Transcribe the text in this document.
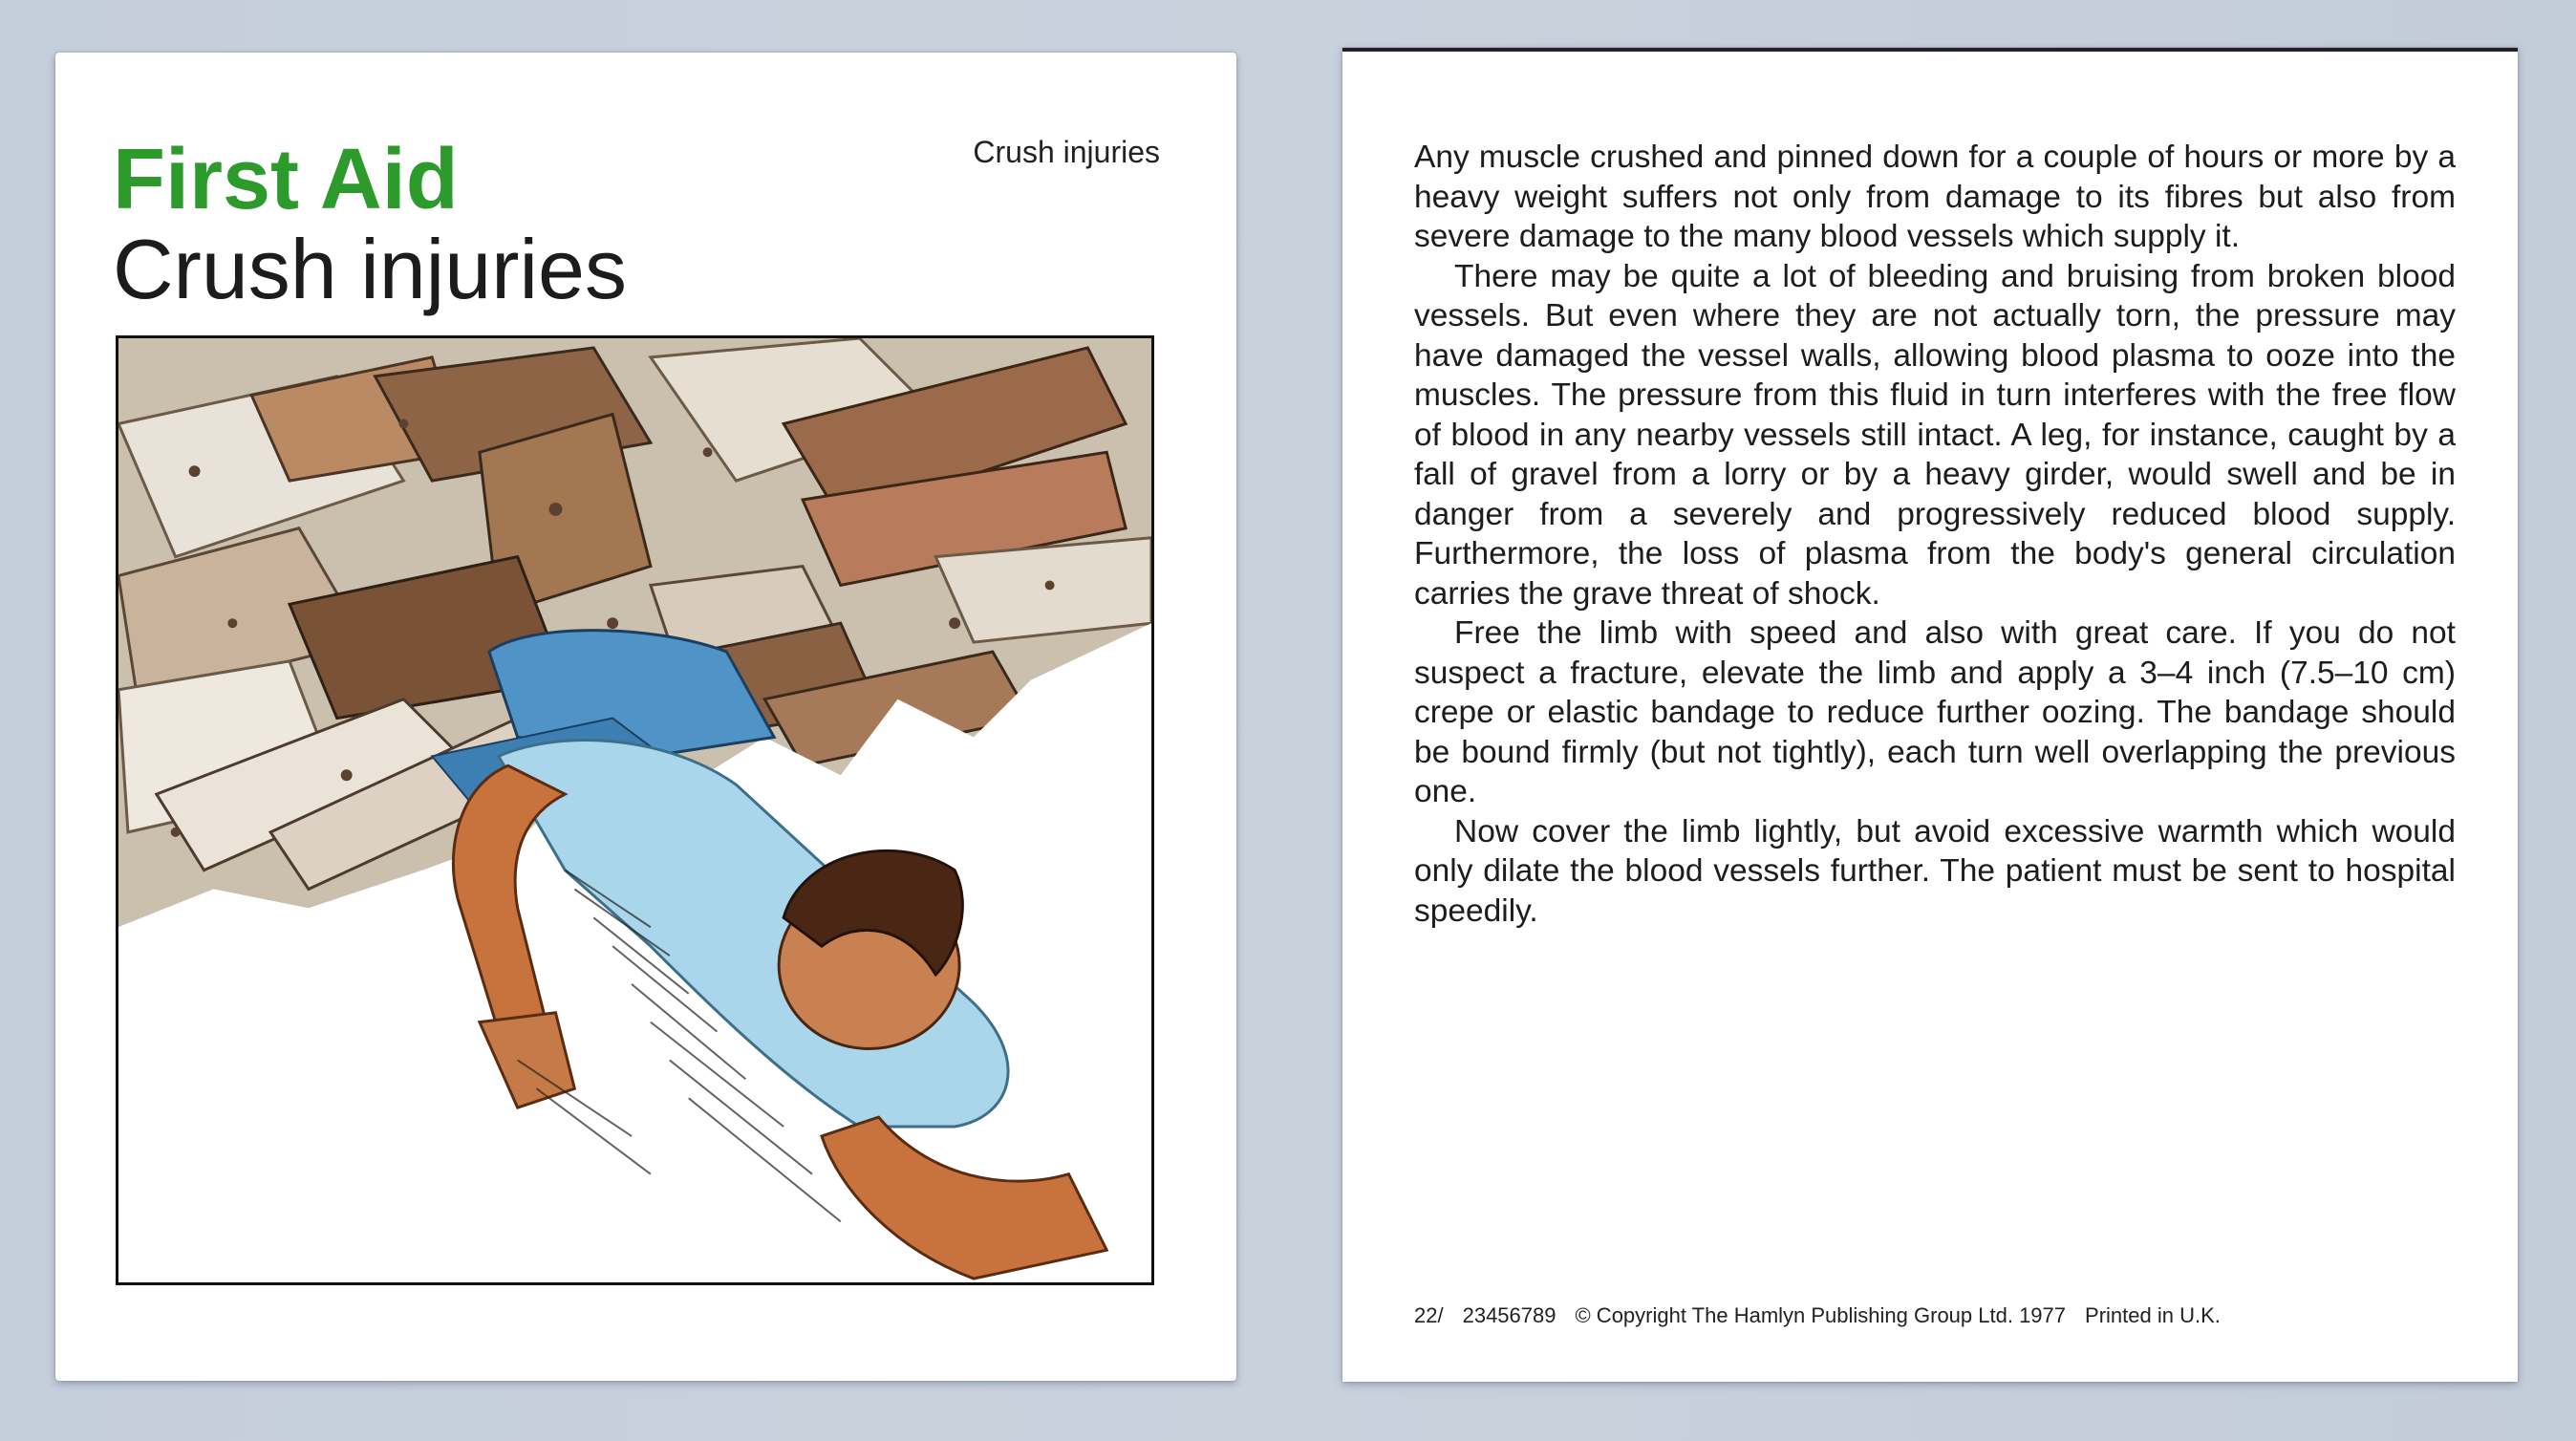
First Aid
Crush injuries
Crush injuries	Any muscle crushed and pinned down for a couple of hours or more by a heavy weight suffers not only from damage to its fibres but also from severe damage to the many blood vessels which supply it.

There may be quite a lot of bleeding and bruising from broken blood vessels. But even where they are not actually torn, the pressure may have damaged the vessel walls, allowing blood plasma to ooze into the muscles. The pressure from this fluid in turn interferes with the free flow of blood in any nearby vessels still intact. A leg, for instance, caught by a fall of gravel from a lorry or by a heavy girder, would swell and be in danger from a severely and progressively reduced blood supply. Furthermore, the loss of plasma from the body's general circulation carries the grave threat of shock.

Free the limb with speed and also with great care. If you do not suspect a fracture, elevate the limb and apply a 3–4 inch (7.5–10 cm) crepe or elastic bandage to reduce further oozing. The bandage should be bound firmly (but not tightly), each turn well overlapping the previous one.

Now cover the limb lightly, but avoid excessive warmth which would only dilate the blood vessels further. The patient must be sent to hospital speedily.

22/ 23456789 © Copyright The Hamlyn Publishing Group Ltd. 1977 Printed in U.K.
